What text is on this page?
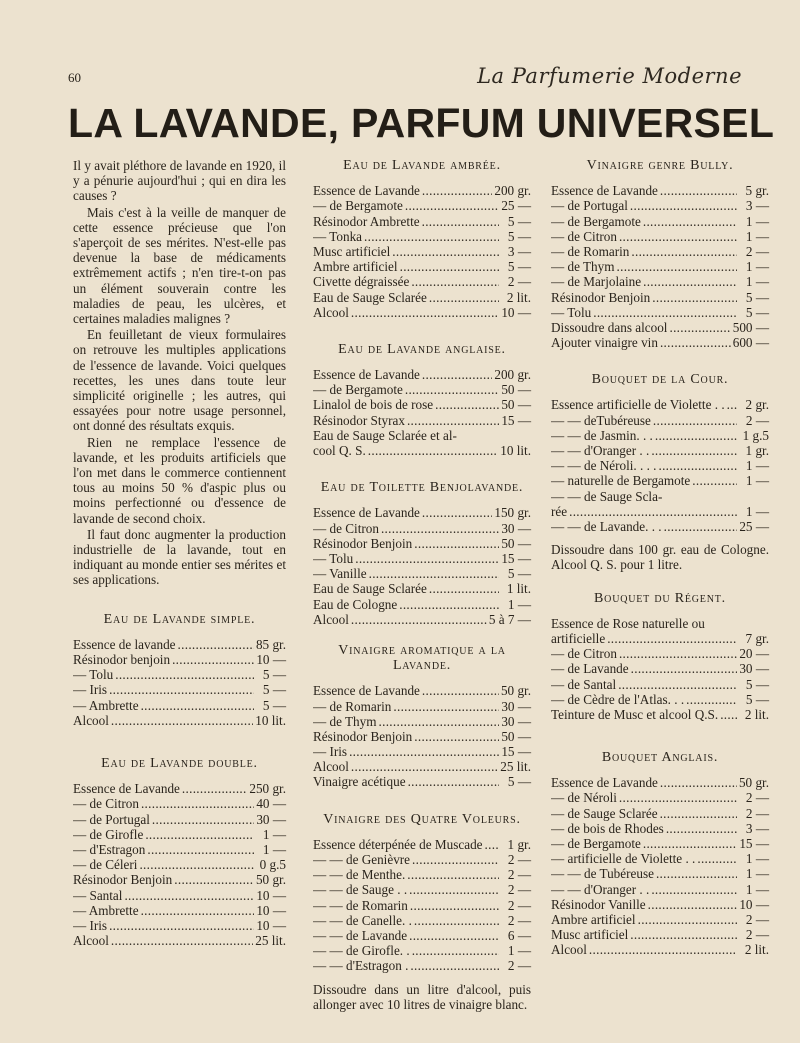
60	La Parfumerie Moderne
LA LAVANDE, PARFUM UNIVERSEL

Il y avait pléthore de lavande en 1920, il y a pénurie aujourd'hui ; qui en dira les causes ?

Mais c'est à la veille de manquer de cette essence précieuse que l'on s'aperçoit de ses mérites. N'est-elle pas devenue la base de médicaments extrêmement actifs ; n'en tire-t-on pas un élément souverain contre les maladies de peau, les ulcères, et certaines maladies malignes ?

En feuilletant de vieux formulaires on retrouve les multiples applications de l'essence de lavande. Voici quelques recettes, les unes dans toute leur simplicité originelle ; les autres, qui essayées pour notre usage personnel, ont donné des résultats exquis.

Rien ne remplace l'essence de lavande, et les produits artificiels que l'on met dans le commerce contiennent tous au moins 50 % d'aspic plus ou moins perfectionné ou d'essence de lavande de second choix.

Il faut donc augmenter la production industrielle de la lavande, tout en indiquant au monde entier ses mérites et ses applications.

Eau de Lavande simple.
Essence de lavande . . .	85 gr.
Résinodor benjoin . . .	10 —
— Tolu . . .	5 —
— Iris . . .	5 —
— Ambrette . . .	5 —
Alcool . . .	10 lit.
Eau de Lavande double.
Essence de Lavande . . .	250 gr.
— de Citron . . .	40 —
— de Portugal . . .	30 —
— de Girofle . . .	1 —
— d'Estragon . . .	1 —
— de Céleri . . .	0 g.5
Résinodor Benjoin . . .	50 gr.
— Santal . . .	10 —
— Ambrette . . .	10 —
— Iris . . .	10 —
Alcool . . .	25 lit.
Eau de Lavande ambrée.
Essence de Lavande . . .	200 gr.
— de Bergamote . . .	25 —
Résinodor Ambrette . . .	5 —
— Tonka . . .	5 —
Musc artificiel . . .	3 —
Ambre artificiel . . .	5 —
Civette dégraissée . . .	2 —
Eau de Sauge Sclarée . . .	2 lit.
Alcool . . .	10 —
Eau de Lavande anglaise.
Essence de Lavande . . .	200 gr.
— de Bergamote . . .	50 —
Linalol de bois de rose . . .	50 —
Résinodor Styrax . . .	15 —
Eau de Sauge Sclarée et al-
cool Q. S. . . .	10 lit.
Eau de Toilette Benjolavande.
Essence de Lavande . . .	150 gr.
— de Citron . . .	30 —
Résinodor Benjoin . . .	50 —
— Tolu . . .	15 —
— Vanille . . .	5 —
Eau de Sauge Sclarée . . .	1 lit.
Eau de Cologne . . .	1 —
Alcool . . .	5 à 7 —
Vinaigre aromatique a la Lavande.
Essence de Lavande . . .	50 gr.
— de Romarin . . .	30 —
— de Thym . . .	30 —
Résinodor Benjoin . . .	50 —
— Iris . . .	15 —
Alcool . . .	25 lit.
Vinaigre acétique . . .	5 —
Vinaigre des Quatre Voleurs.
Essence déterpénée de Muscade . . .	1 gr.
— — de Genièvre . . .	2 —
— — de Menthe. . . .	2 —
— — de Sauge . . . . .	2 —
— — de Romarin . . .	2 —
— — de Canelle. . . . .	2 —
— — de Lavande . . .	6 —
— — de Girofle. . . . .	1 —
— — d'Estragon . . . .	2 —

Dissoudre dans un litre d'alcool, puis allonger avec 10 litres de vinaigre blanc.

Vinaigre genre Bully.
Essence de Lavande . . .	5 gr.
— de Portugal . . .	3 —
— de Bergamote . . .	1 —
— de Citron . . .	1 —
— de Romarin . . .	2 —
— de Thym . . .	1 —
— de Marjolaine . . .	1 —
Résinodor Benjoin . . .	5 —
— Tolu . . .	5 —
Dissoudre dans alcool . . .	500 —
Ajouter vinaigre vin . . .	600 —
Bouquet de la Cour.
Essence artificielle de Violette . . . . .	2 gr.
— — deTubéreuse . . .	2 —
— — de Jasmin. . . . . .	1 g.5
— — d'Oranger . . . . .	1 gr.
— — de Néroli. . . . . . .	1 —
— naturelle de Bergamote . . .	1 —
— — de Sauge Scla-
rée . . .	1 —
— — de Lavande. . . . . .	25 —

Dissoudre dans 100 gr. eau de Cologne. Alcool Q. S. pour 1 litre.

Bouquet du Régent.
Essence de Rose naturelle ou
artificielle . . .	7 gr.
— de Citron . . .	20 —
— de Lavande . . .	30 —
— de Santal . . .	5 —
— de Cèdre de l'Atlas. . . . . .	5 —
Teinture de Musc et alcool Q.S. . . .	2 lit.
Bouquet Anglais.
Essence de Lavande . . .	50 gr.
— de Néroli . . .	2 —
— de Sauge Sclarée . . .	2 —
— de bois de Rhodes . . .	3 —
— de Bergamote . . .	15 —
— artificielle de Violette . . . . .	1 —
— — de Tubéreuse . . .	1 —
— — d'Oranger . . . . .	1 —
Résinodor Vanille . . .	10 —
Ambre artificiel . . .	2 —
Musc artificiel . . .	2 —
Alcool . . .	2 lit.
